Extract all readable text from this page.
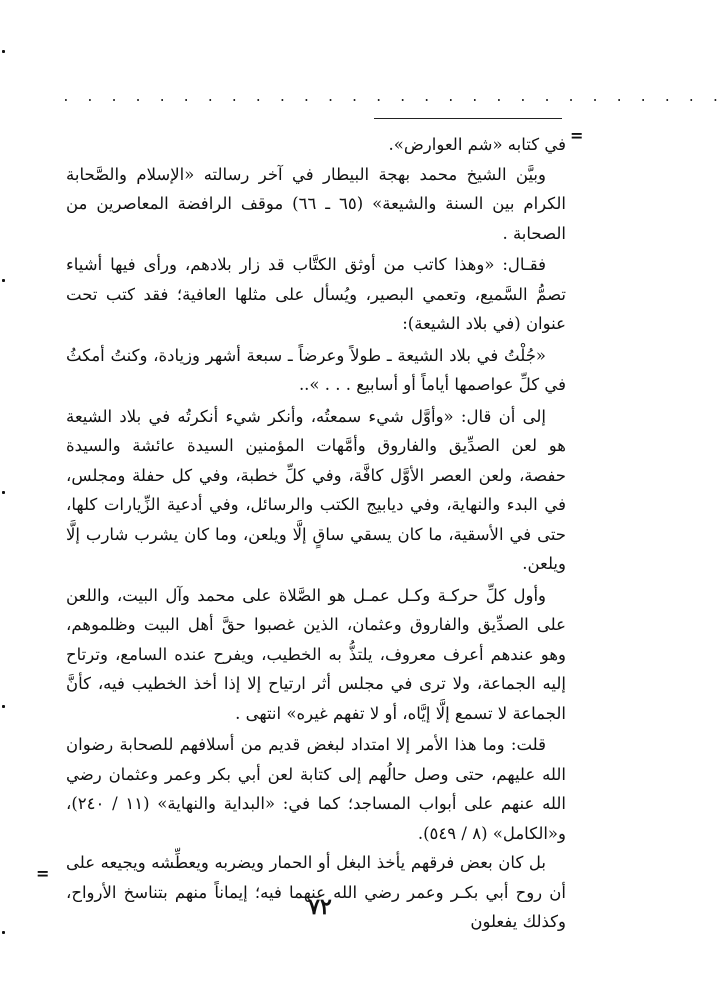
. . . . . . . . . . . . . . . . . . . . . . . . . . . .
=

في كتابه «شم العوارض».

وبيَّن الشيخ محمد بهجة البيطار في آخر رسالته «الإسلام والصَّحابة الكرام بين السنة والشيعة» (٦٥ ـ ٦٦) موقف الرافضة المعاصرين من الصحابة .

فقـال: «وهذا كاتب من أوثق الكتَّاب قد زار بلادهم، ورأى فيها أشياء تصمُّ السَّميع، وتعمي البصير، ويُسأل على مثلها العافية؛ فقد كتب تحت عنوان (في بلاد الشيعة):

«جُلْتُ في بلاد الشيعة ـ طولاً وعرضاً ـ سبعة أشهر وزيادة، وكنتُ أمكثُ في كلِّ عواصمها أياماً أو أسابيع . . . »..

إلى أن قال: «وأوَّل شيء سمعتُه، وأنكر شيء أنكرتُه في بلاد الشيعة هو لعن الصدِّيق والفاروق وأمَّهات المؤمنين السيدة عائشة والسيدة حفصة، ولعن العصر الأوَّل كافَّة، وفي كلِّ خطبة، وفي كل حفلة ومجلس، في البدء والنهاية، وفي ديابيج الكتب والرسائل، وفي أدعية الزِّيارات كلها، حتى في الأسقية، ما كان يسقي ساقٍ إلَّا ويلعن، وما كان يشرب شارب إلَّا ويلعن.

وأول كلِّ حركـة وكـل عمـل هو الصَّلاة على محمد وآل البيت، واللعن على الصدِّيق والفاروق وعثمان، الذين غصبوا حقَّ أهل البيت وظلموهم، وهو عندهم أعرف معروف، يلتذُّ به الخطيب، ويفرح عنده السامع، وترتاح إليه الجماعة، ولا ترى في مجلس أثر ارتياح إلا إذا أخذ الخطيب فيه، كأنَّ الجماعة لا تسمع إلَّا إيَّاه، أو لا تفهم غيره» انتهى .

قلت: وما هذا الأمر إلا امتداد لبغض قديم من أسلافهم للصحابة رضوان الله عليهم، حتى وصل حالُهم إلى كتابة لعن أبي بكر وعمر وعثمان رضي الله عنهم على أبواب المساجد؛ كما في: «البداية والنهاية» (١١ / ٢٤٠)، و«الكامل» (٨ / ٥٤٩).

بل كان بعض فرقهم يأخذ البغل أو الحمار ويضربه ويعطِّشه ويجيعه على أن روح أبي بكـر وعمر رضي الله عنهما فيه؛ إيماناً منهم بتناسخ الأرواح، وكذلك يفعلون

=
٧٢
